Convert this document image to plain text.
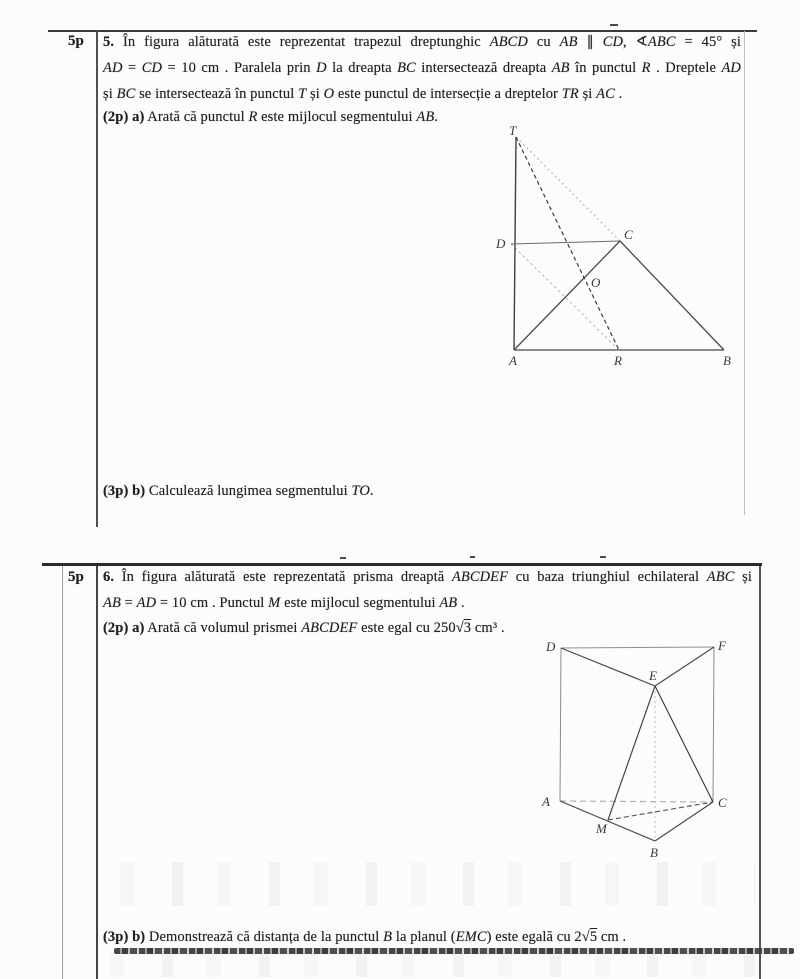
5p 5. În figura alăturată este reprezentat trapezul dreptunghic ABCD cu AB ∥ CD, ∢ABC = 45° și
AD = CD = 10 cm . Paralela prin D la dreapta BC intersectează dreapta AB în punctul R . Dreptele AD
și BC se intersectează în punctul T și O este punctul de intersecție a dreptelor TR și AC .
(2p) a) Arată că punctul R este mijlocul segmentului AB.
(3p) b) Calculează lungimea segmentului TO.
T
D
C
O
A	R	B
5p 6. În figura alăturată este reprezentată prisma dreaptă ABCDEF cu baza triunghiul echilateral ABC și
AB = AD = 10 cm . Punctul M este mijlocul segmentului AB .
(2p) a) Arată că volumul prismei ABCDEF este egal cu 250√3 cm³ .
(3p) b) Demonstrează că distanța de la punctul B la planul (EMC) este egală cu 2√5 cm .
D	F
E
A	C
M
B
